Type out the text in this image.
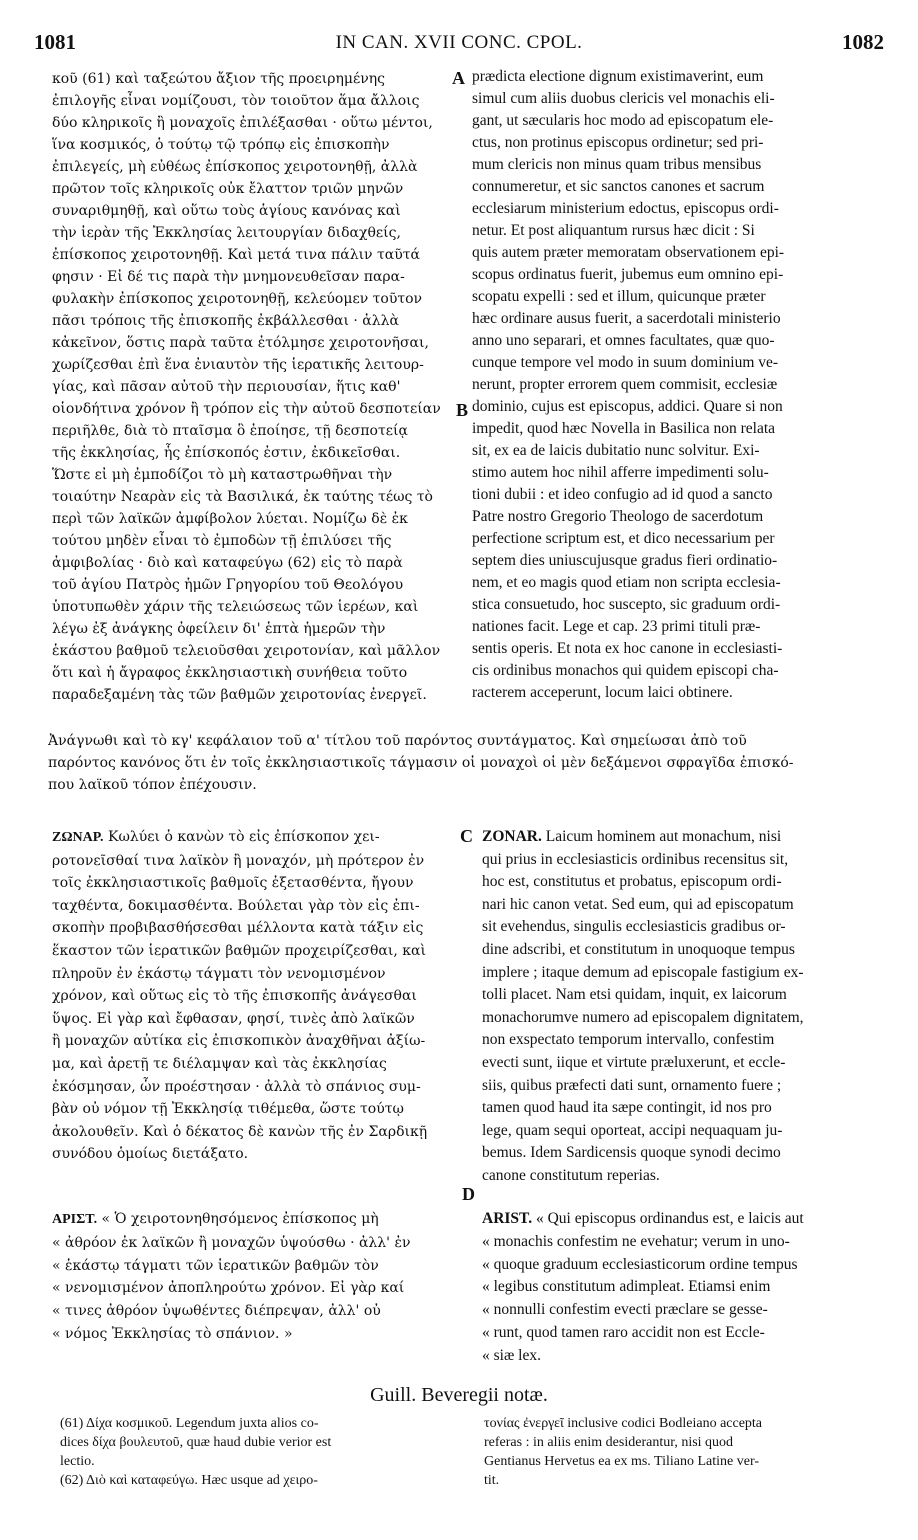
1081	IN CAN. XVII CONC. CPOL.	1082
κοῦ (61) καὶ ταξεώτου ἄξιον τῆς προειρημένης
ἐπιλογῆς εἶναι νομίζουσι, τὸν τοιοῦτον ἅμα ἄλλοις
δύο κληρικοῖς ἢ μοναχοῖς ἐπιλέξασθαι · οὕτω μέντοι,
ἵνα κοσμικός, ὁ τούτῳ τῷ τρόπῳ εἰς ἐπισκοπὴν
ἐπιλεγείς, μὴ εὐθέως ἐπίσκοπος χειροτονηθῇ, ἀλλὰ
πρῶτον τοῖς κληρικοῖς οὐκ ἔλαττον τριῶν μηνῶν
συναριθμηθῇ, καὶ οὕτω τοὺς ἁγίους κανόνας καὶ
τὴν ἱερὰν τῆς Ἐκκλησίας λειτουργίαν διδαχθείς,
ἐπίσκοπος χειροτονηθῇ. Καὶ μετά τινα πάλιν ταῦτά
φησιν · Εἰ δέ τις παρὰ τὴν μνημονευθεῖσαν παρα-
φυλακὴν ἐπίσκοπος χειροτονηθῇ, κελεύομεν τοῦτον
πᾶσι τρόποις τῆς ἐπισκοπῆς ἐκβάλλεσθαι · ἀλλὰ
κἀκεῖνον, ὅστις παρὰ ταῦτα ἐτόλμησε χειροτονῆσαι,
χωρίζεσθαι ἐπὶ ἕνα ἐνιαυτὸν τῆς ἱερατικῆς λειτουρ-
γίας, καὶ πᾶσαν αὐτοῦ τὴν περιουσίαν, ἥτις καθ'
οἱονδήτινα χρόνον ἢ τρόπον εἰς τὴν αὐτοῦ δεσποτείαν
περιῆλθε, διὰ τὸ πταῖσμα ὃ ἐποίησε, τῇ δεσποτείᾳ
τῆς ἐκκλησίας, ἧς ἐπίσκοπός ἐστιν, ἐκδικεῖσθαι.
Ὥστε εἰ μὴ ἐμποδίζοι τὸ μὴ καταστρωθῆναι τὴν
τοιαύτην Νεαρὰν εἰς τὰ Βασιλικά, ἐκ ταύτης τέως τὸ
περὶ τῶν λαϊκῶν ἀμφίβολον λύεται. Νομίζω δὲ ἐκ
τούτου μηδὲν εἶναι τὸ ἐμποδὼν τῇ ἐπιλύσει τῆς
ἀμφιβολίας · διὸ καὶ καταφεύγω (62) εἰς τὸ παρὰ
τοῦ ἁγίου Πατρὸς ἡμῶν Γρηγορίου τοῦ Θεολόγου
ὑποτυπωθὲν χάριν τῆς τελειώσεως τῶν ἱερέων, καὶ
λέγω ἐξ ἀνάγκης ὀφείλειν δι' ἑπτὰ ἡμερῶν τὴν
ἑκάστου βαθμοῦ τελειοῦσθαι χειροτονίαν, καὶ μᾶλλον
ὅτι καὶ ἡ ἄγραφος ἐκκλησιαστικὴ συνήθεια τοῦτο
παραδεξαμένη τὰς τῶν βαθμῶν χειροτονίας ἐνεργεῖ.
prædicta electione dignum existimaverint, eum
simul cum aliis duobus clericis vel monachis eli-
gant, ut sæcularis hoc modo ad episcopatum ele-
ctus, non protinus episcopus ordinetur; sed pri-
mum clericis non minus quam tribus mensibus
connumeretur, et sic sanctos canones et sacrum
ecclesiarum ministerium edoctus, episcopus ordi-
netur. Et post aliquantum rursus hæc dicit : Si
quis autem præter memoratam observationem epi-
scopus ordinatus fuerit, jubemus eum omnino epi-
scopatu expelli : sed et illum, quicunque præter
hæc ordinare ausus fuerit, a sacerdotali ministerio
anno uno separari, et omnes facultates, quæ quo-
cunque tempore vel modo in suum dominium ve-
nerunt, propter errorem quem commisit, ecclesiæ
dominio, cujus est episcopus, addici. Quare si non
impedit, quod hæc Novella in Basilica non relata
sit, ex ea de laicis dubitatio nunc solvitur. Exi-
stimo autem hoc nihil afferre impedimenti solu-
tioni dubii : et ideo confugio ad id quod a sancto
Patre nostro Gregorio Theologo de sacerdotum
perfectione scriptum est, et dico necessarium per
septem dies uniuscujusque gradus fieri ordinatio-
nem, et eo magis quod etiam non scripta ecclesia-
stica consuetudo, hoc suscepto, sic graduum ordi-
nationes facit. Lege et cap. 23 primi tituli præ-
sentis operis. Et nota ex hoc canone in ecclesiasti-
cis ordinibus monachos qui quidem episcopi cha-
racterem acceperunt, locum laici obtinere.
A
B
Ἀνάγνωθι καὶ τὸ κγ' κεφάλαιον τοῦ α' τίτλου τοῦ παρόντος συντάγματος. Καὶ σημείωσαι ἀπὸ τοῦ
παρόντος κανόνος ὅτι ἐν τοῖς ἐκκλησιαστικοῖς τάγμασιν οἱ μοναχοὶ οἱ μὲν δεξάμενοι σφραγῖδα ἐπισκό-
που λαϊκοῦ τόπον ἐπέχουσιν.
ΖΩΝΑΡ. Κωλύει ὁ κανὼν τὸ εἰς ἐπίσκοπον χει-
ροτονεῖσθαί τινα λαϊκὸν ἢ μοναχόν, μὴ πρότερον ἐν
τοῖς ἐκκλησιαστικοῖς βαθμοῖς ἐξετασθέντα, ἤγουν
ταχθέντα, δοκιμασθέντα. Βούλεται γὰρ τὸν εἰς ἐπι-
σκοπὴν προβιβασθήσεσθαι μέλλοντα κατὰ τάξιν εἰς
ἕκαστον τῶν ἱερατικῶν βαθμῶν προχειρίζεσθαι, καὶ
πληροῦν ἐν ἑκάστῳ τάγματι τὸν νενομισμένον
χρόνον, καὶ οὕτως εἰς τὸ τῆς ἐπισκοπῆς ἀνάγεσθαι
ὕψος. Εἰ γὰρ καὶ ἔφθασαν, φησί, τινὲς ἀπὸ λαϊκῶν
ἢ μοναχῶν αὐτίκα εἰς ἐπισκοπικὸν ἀναχθῆναι ἀξίω-
μα, καὶ ἀρετῇ τε διέλαμψαν καὶ τὰς ἐκκλησίας
ἐκόσμησαν, ὧν προέστησαν · ἀλλὰ τὸ σπάνιος συμ-
βὰν οὐ νόμον τῇ Ἐκκλησίᾳ τιθέμεθα, ὥστε τούτῳ
ἀκολουθεῖν. Καὶ ὁ δέκατος δὲ κανὼν τῆς ἐν Σαρδικῇ
συνόδου ὁμοίως διετάξατο.
C ZONAR. Laicum hominem aut monachum, nisi
qui prius in ecclesiasticis ordinibus recensitus sit,
hoc est, constitutus et probatus, episcopum ordi-
nari hic canon vetat. Sed eum, qui ad episcopatum
sit evehendus, singulis ecclesiasticis gradibus or-
dine adscribi, et constitutum in unoquoque tempus
implere ; itaque demum ad episcopale fastigium ex-
tolli placet. Nam etsi quidam, inquit, ex laicorum
monachorumve numero ad episcopalem dignitatem,
non exspectato temporum intervallo, confestim
evecti sunt, iique et virtute præluxerunt, et eccle-
siis, quibus præfecti dati sunt, ornamento fuere ;
tamen quod haud ita sæpe contingit, id nos pro
lege, quam sequi oporteat, accipi nequaquam ju-
bemus. Idem Sardicensis quoque synodi decimo
canone constitutum reperias.
D
ΑΡΙΣΤ. « Ὁ χειροτονηθησόμενος ἐπίσκοπος μὴ
« ἀθρόον ἐκ λαϊκῶν ἢ μοναχῶν ὑψούσθω · ἀλλ' ἐν
« ἑκάστῳ τάγματι τῶν ἱερατικῶν βαθμῶν τὸν
« νενομισμένον ἀποπληρούτω χρόνον. Εἰ γὰρ καί
« τινες ἀθρόον ὑψωθέντες διέπρεψαν, ἀλλ' οὐ
« νόμος Ἐκκλησίας τὸ σπάνιον. »
ARIST. « Qui episcopus ordinandus est, e laicis aut
« monachis confestim ne evehatur; verum in uno-
« quoque graduum ecclesiasticorum ordine tempus
« legibus constitutum adimpleat. Etiamsi enim
« nonnulli confestim evecti præclare se gesse-
« runt, quod tamen raro accidit non est Eccle-
« siæ lex.
Guill. Beveregii notæ.
(61) Δίχα κοσμικοῦ. Legendum juxta alios co-
dices δίχα βουλευτοῦ, quæ haud dubie verior est
lectio.
(62) Διὸ καὶ καταφεύγω. Hæc usque ad χειρο-
τονίας ἐνεργεῖ inclusive codici Bodleiano accepta
referas : in aliis enim desiderantur, nisi quod
Gentianus Hervetus ea ex ms. Tiliano Latine ver-
tit.
